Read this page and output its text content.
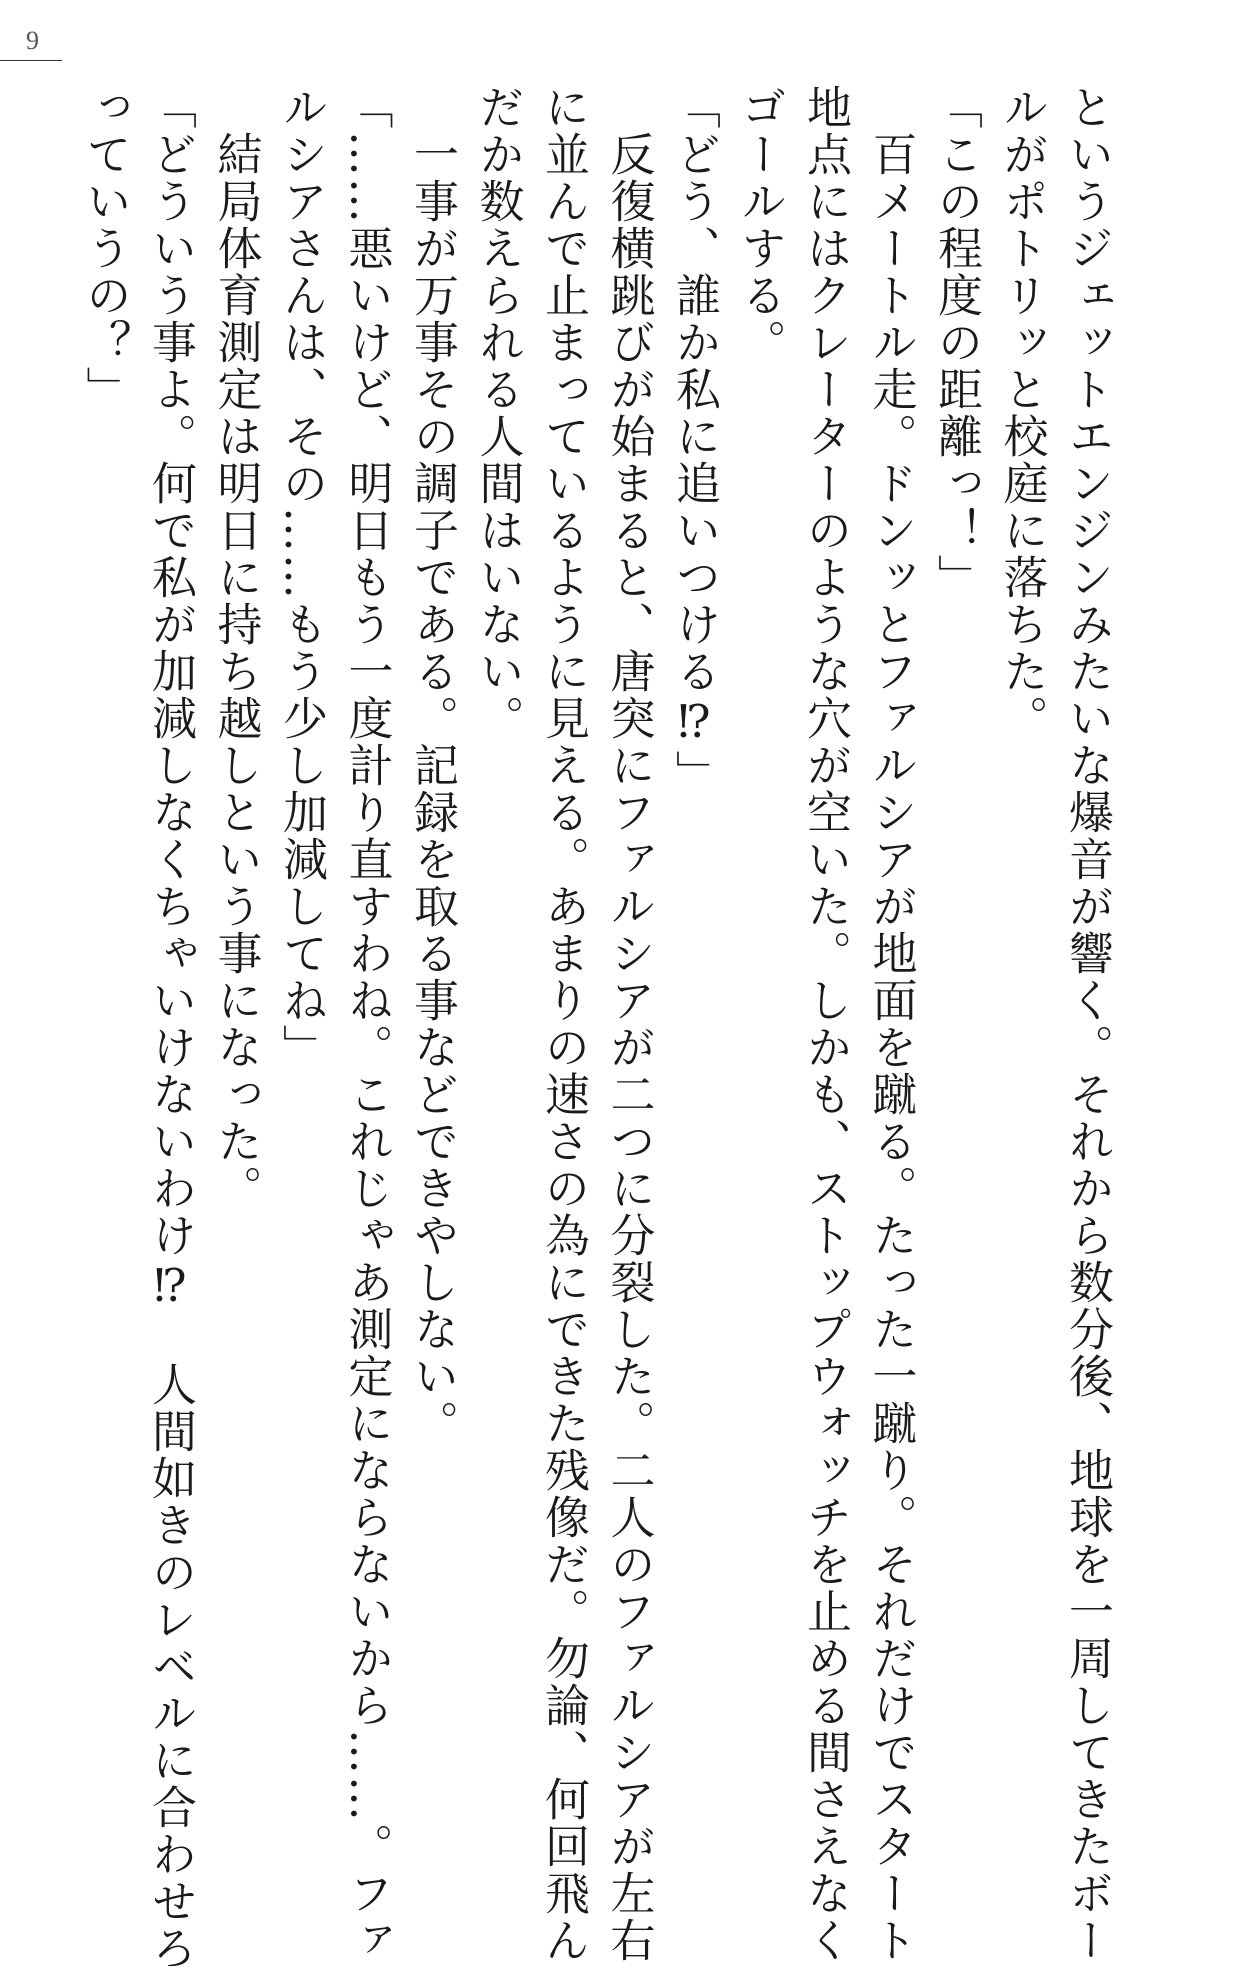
9
というジェットエンジンみたいな爆音が響く。それから数分後、地球を一周してきたボー
ルがポトリッと校庭に落ちた。
「この程度の距離っ！」
　百メートル走。ドンッとファルシアが地面を蹴る。たった一蹴り。それだけでスタート
地点にはクレーターのような穴が空いた。しかも、ストップウォッチを止める間さえなく
ゴールする。
「どう、誰か私に追いつける⁉」
　反復横跳びが始まると、唐突にファルシアが二つに分裂した。二人のファルシアが左右
に並んで止まっているように見える。あまりの速さの為にできた残像だ。勿論、何回飛ん
だか数えられる人間はいない。
　一事が万事その調子である。記録を取る事などできやしない。
「……悪いけど、明日もう一度計り直すわね。これじゃあ測定にならないから……。ファ
ルシアさんは、その……もう少し加減してね」
　結局体育測定は明日に持ち越しという事になった。
「どういう事よ。何で私が加減しなくちゃいけないわけ⁉　人間如きのレベルに合わせろ
っていうの？」
